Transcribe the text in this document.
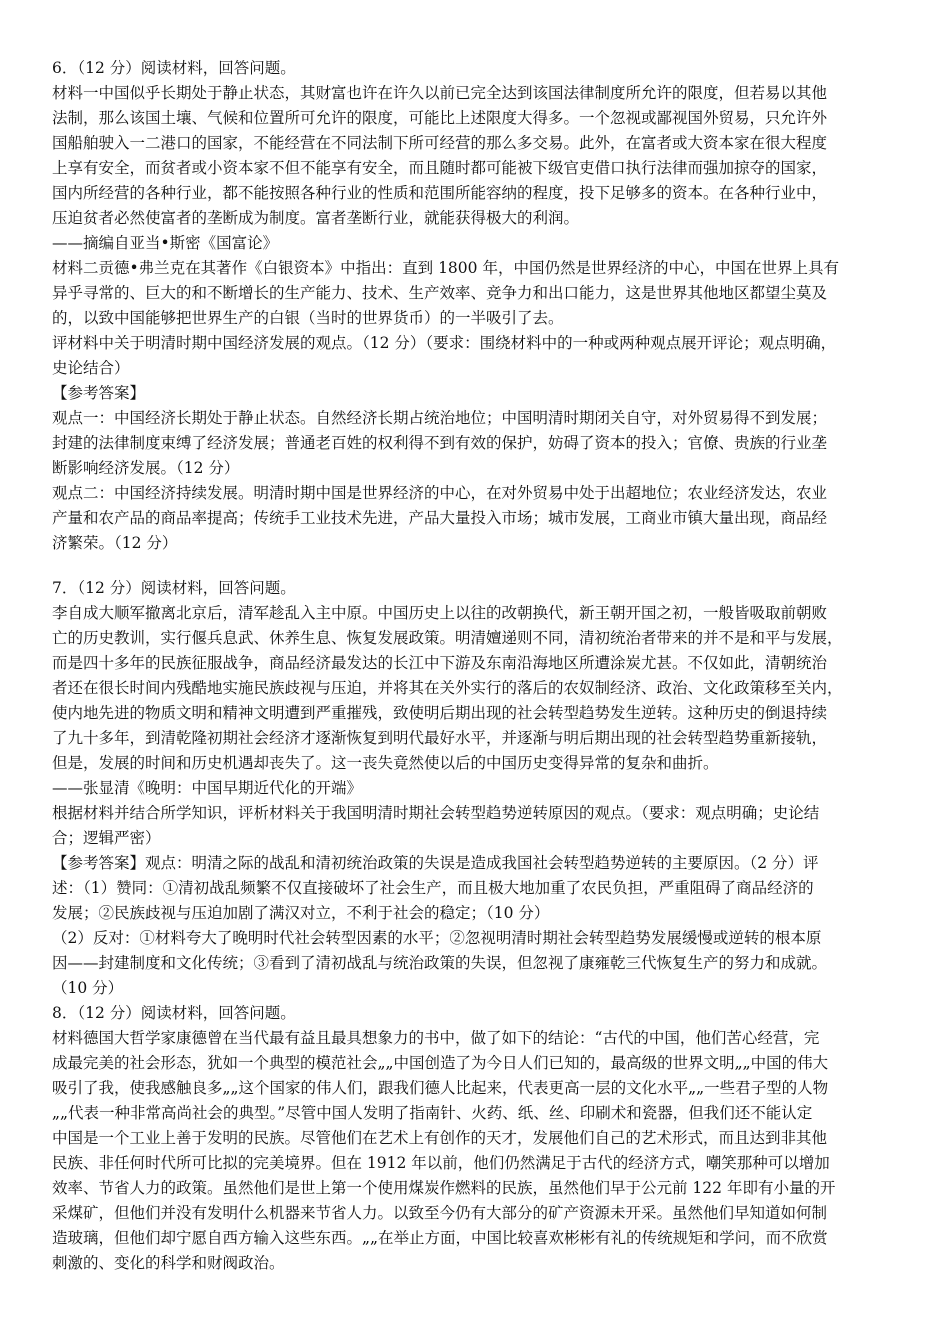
6．（12 分）阅读材料，回答问题。
材料一中国似乎长期处于静止状态，其财富也许在许久以前已完全达到该国法律制度所允许的限度，但若易以其他
法制，那么该国土壤、气候和位置所可允许的限度，可能比上述限度大得多。一个忽视或鄙视国外贸易，只允许外
国船舶驶入一二港口的国家，不能经营在不同法制下所可经营的那么多交易。此外，在富者或大资本家在很大程度
上享有安全，而贫者或小资本家不但不能享有安全，而且随时都可能被下级官吏借口执行法律而强加掠夺的国家，
国内所经营的各种行业，都不能按照各种行业的性质和范围所能容纳的程度，投下足够多的资本。在各种行业中，
压迫贫者必然使富者的垄断成为制度。富者垄断行业，就能获得极大的利润。
——摘编自亚当•斯密《国富论》
材料二贡德•弗兰克在其著作《白银资本》中指出：直到 1800 年，中国仍然是世界经济的中心，中国在世界上具有
异乎寻常的、巨大的和不断增长的生产能力、技术、生产效率、竞争力和出口能力，这是世界其他地区都望尘莫及
的，以致中国能够把世界生产的白银（当时的世界货币）的一半吸引了去。
评材料中关于明清时期中国经济发展的观点。（12 分）（要求：围绕材料中的一种或两种观点展开评论；观点明确，
史论结合）
【参考答案】
观点一：中国经济长期处于静止状态。自然经济长期占统治地位；中国明清时期闭关自守，对外贸易得不到发展；
封建的法律制度束缚了经济发展；普通老百姓的权利得不到有效的保护，妨碍了资本的投入；官僚、贵族的行业垄
断影响经济发展。（12 分）
观点二：中国经济持续发展。明清时期中国是世界经济的中心，在对外贸易中处于出超地位；农业经济发达，农业
产量和农产品的商品率提高；传统手工业技术先进，产品大量投入市场；城市发展，工商业市镇大量出现，商品经
济繁荣。（12 分）
7．（12 分）阅读材料，回答问题。
李自成大顺军撤离北京后，清军趁乱入主中原。中国历史上以往的改朝换代，新王朝开国之初，一般皆吸取前朝败
亡的历史教训，实行偃兵息武、休养生息、恢复发展政策。明清嬗递则不同，清初统治者带来的并不是和平与发展，
而是四十多年的民族征服战争，商品经济最发达的长江中下游及东南沿海地区所遭涂炭尤甚。不仅如此，清朝统治
者还在很长时间内残酷地实施民族歧视与压迫，并将其在关外实行的落后的农奴制经济、政治、文化政策移至关内，
使内地先进的物质文明和精神文明遭到严重摧残，致使明后期出现的社会转型趋势发生逆转。这种历史的倒退持续
了九十多年，到清乾隆初期社会经济才逐渐恢复到明代最好水平，并逐渐与明后期出现的社会转型趋势重新接轨，
但是，发展的时间和历史机遇却丧失了。这一丧失竟然使以后的中国历史变得异常的复杂和曲折。
——张显清《晚明：中国早期近代化的开端》
根据材料并结合所学知识，评析材料关于我国明清时期社会转型趋势逆转原因的观点。（要求：观点明确；史论结
合；逻辑严密）
【参考答案】观点：明清之际的战乱和清初统治政策的失误是造成我国社会转型趋势逆转的主要原因。（2 分）评
述：（1）赞同：①清初战乱频繁不仅直接破坏了社会生产，而且极大地加重了农民负担，严重阻碍了商品经济的
发展；②民族歧视与压迫加剧了满汉对立，不利于社会的稳定；（10 分）
（2）反对：①材料夸大了晚明时代社会转型因素的水平；②忽视明清时期社会转型趋势发展缓慢或逆转的根本原
因——封建制度和文化传统；③看到了清初战乱与统治政策的失误，但忽视了康雍乾三代恢复生产的努力和成就。
（10 分）
8．（12 分）阅读材料，回答问题。
材料德国大哲学家康德曾在当代最有益且最具想象力的书中，做了如下的结论：“古代的中国，他们苦心经营，完
成最完美的社会形态，犹如一个典型的模范社会„„中国创造了为今日人们已知的，最高级的世界文明„„中国的伟大
吸引了我，使我感触良多„„这个国家的伟人们，跟我们德人比起来，代表更高一层的文化水平„„一些君子型的人物
„„代表一种非常高尚社会的典型。”尽管中国人发明了指南针、火药、纸、丝、印刷术和瓷器，但我们还不能认定
中国是一个工业上善于发明的民族。尽管他们在艺术上有创作的天才，发展他们自己的艺术形式，而且达到非其他
民族、非任何时代所可比拟的完美境界。但在 1912 年以前，他们仍然满足于古代的经济方式，嘲笑那种可以增加
效率、节省人力的政策。虽然他们是世上第一个使用煤炭作燃料的民族，虽然他们早于公元前 122 年即有小量的开
采煤矿，但他们并没有发明什么机器来节省人力。以致至今仍有大部分的矿产资源未开采。虽然他们早知道如何制
造玻璃，但他们却宁愿自西方输入这些东西。„„在举止方面，中国比较喜欢彬彬有礼的传统规矩和学问，而不欣赏
刺激的、变化的科学和财阀政治。
